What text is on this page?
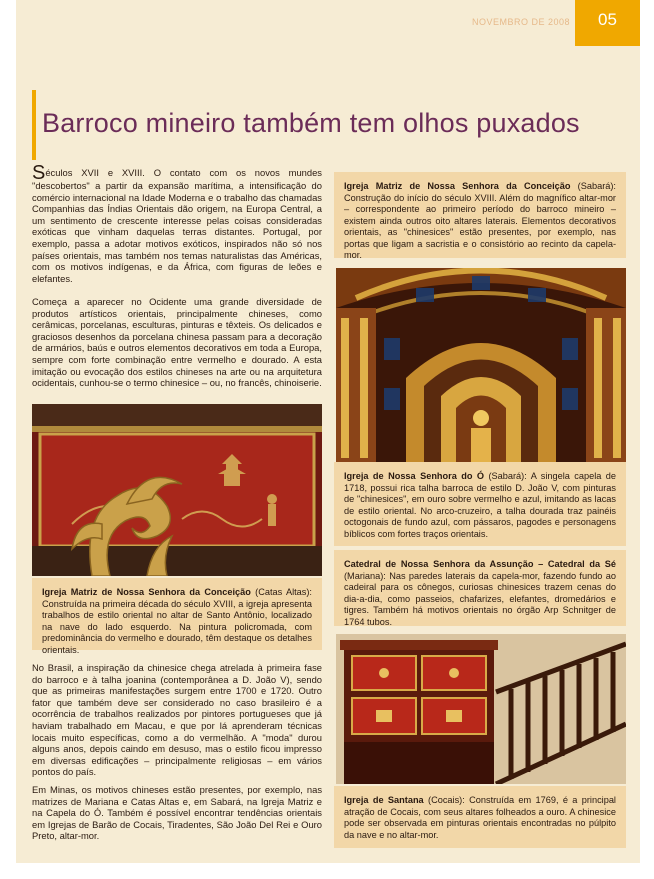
NOVEMBRO DE 2008	05
Barroco mineiro também tem olhos puxados

Séculos XVII e XVIII. O contato com os novos mundes "descobertos" a partir da expansão marítima, a intensificação do comércio internacional na Idade Moderna e o trabalho das chamadas Companhias das Índias Orientais dão origem, na Europa Central, a um sentimento de crescente interesse pelas coisas consideradas exóticas que vinham daquelas terras distantes. Portugal, por exemplo, passa a adotar motivos exóticos, inspirados não só nos países orientais, mas também nos temas naturalistas das Américas, com os motivos indígenas, e da África, com figuras de leões e elefantes.

Começa a aparecer no Ocidente uma grande diversidade de produtos artísticos orientais, principalmente chineses, como cerâmicas, porcelanas, esculturas, pinturas e têxteis. Os delicados e graciosos desenhos da porcelana chinesa passam para a decoração de armários, baús e outros elementos decorativos em toda a Europa, sempre com forte combinação entre vermelho e dourado. A esta imitação ou evocação dos estilos chineses na arte ou na arquitetura ocidentais, cunhou-se o termo chinesice – ou, no francês, chinoiserie.

Igreja Matriz de Nossa Senhora da Conceição (Catas Altas): Construída na primeira década do século XVIII, a igreja apresenta trabalhos de estilo oriental no altar de Santo Antônio, localizado na nave do lado esquerdo. Na pintura policromada, com predominância do vermelho e dourado, têm destaque os detalhes orientais.

No Brasil, a inspiração da chinesice chega atrelada à primeira fase do barroco e à talha joanina (contemporânea a D. João V), sendo que as primeiras manifestações surgem entre 1700 e 1720. Outro fator que também deve ser considerado no caso brasileiro é a ocorrência de trabalhos realizados por pintores portugueses que já haviam trabalhado em Macau, e que por lá aprenderam técnicas locais muito específicas, como a do vermelhão. A "moda" durou alguns anos, depois caindo em desuso, mas o estilo ficou impresso em diversas edificações – principalmente religiosas – em vários pontos do país.

Em Minas, os motivos chineses estão presentes, por exemplo, nas matrizes de Mariana e Catas Altas e, em Sabará, na Igreja Matriz e na Capela do Ó. Também é possível encontrar tendências orientais em Igrejas de Barão de Cocais, Tiradentes, São João Del Rei e Ouro Preto, altar-mor.

Igreja Matriz de Nossa Senhora da Conceição (Sabará): Construção do início do século XVIII. Além do magnífico altar-mor – correspondente ao primeiro período do barroco mineiro – existem ainda outros oito altares laterais. Elementos decorativos orientais, as "chinesices" estão presentes, por exemplo, nas portas que ligam a sacristia e o consistório ao recinto da capela-mor.
Igreja de Nossa Senhora do Ó (Sabará): A singela capela de 1718, possui rica talha barroca de estilo D. João V, com pinturas de "chinesices", em ouro sobre vermelho e azul, imitando as lacas de estilo oriental. No arco-cruzeiro, a talha dourada traz painéis octogonais de fundo azul, com pássaros, pagodes e personagens bíblicos com fortes traços orientais.
Catedral de Nossa Senhora da Assunção – Catedral da Sé (Mariana): Nas paredes laterais da capela-mor, fazendo fundo ao cadeiral para os cônegos, curiosas chinesices trazem cenas do dia-a-dia, como passeios, chafarizes, elefantes, dromedários e tigres. Também há motivos orientais no órgão Arp Schnitger de 1764 tubos.
Igreja de Santana (Cocais): Construída em 1769, é a principal atração de Cocais, com seus altares folheados a ouro. A chinesice pode ser observada em pinturas orientais encontradas no púlpito da nave e no altar-mor.
